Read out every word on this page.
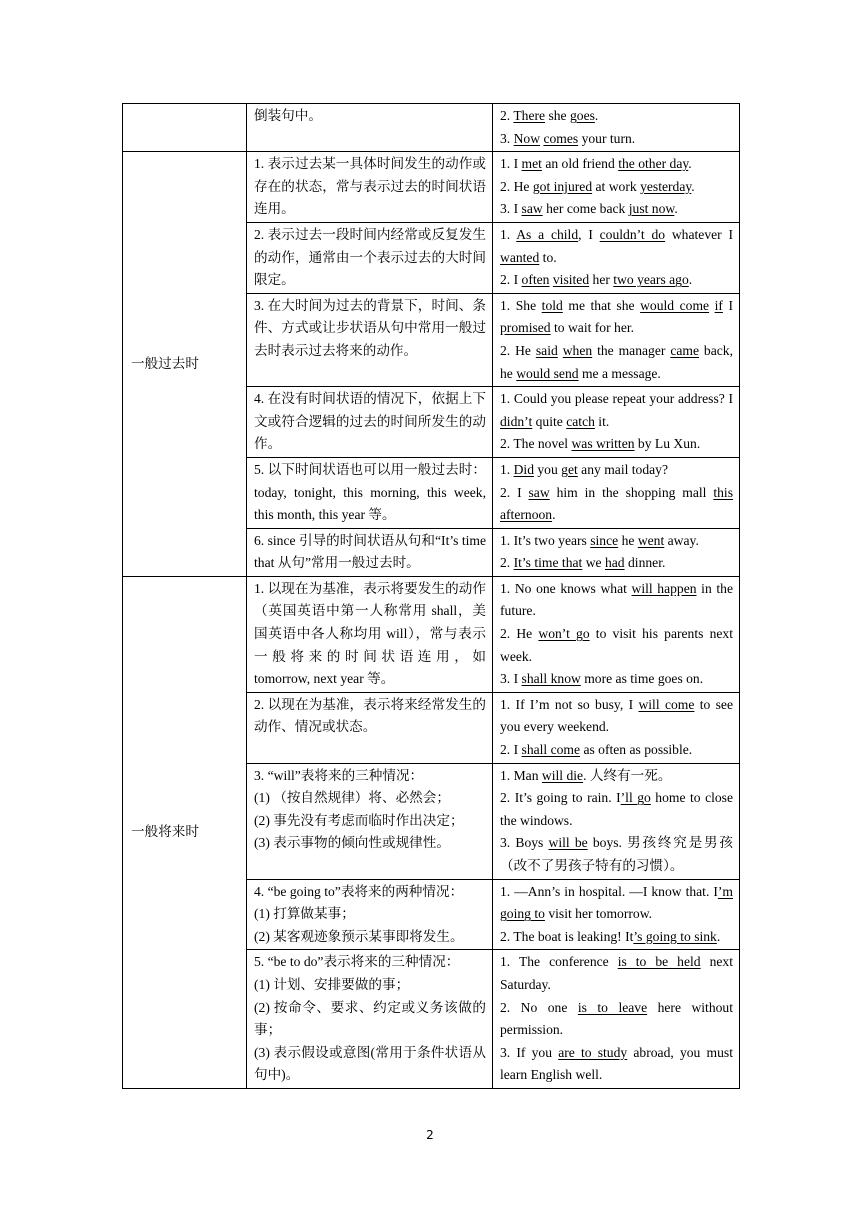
	倒装句中。	2. There she goes.
3. Now comes your turn.

一般过去时	1. 表示过去某一具体时间发生的动作或存在的状态，常与表示过去的时间状语连用。	1. I met an old friend the other day.
2. He got injured at work yesterday.
3. I saw her come back just now.

	2. 表示过去一段时间内经常或反复发生的动作，通常由一个表示过去的大时间限定。	1. As a child, I couldn’t do whatever I wanted to.
2. I often visited her two years ago.

	3. 在大时间为过去的背景下，时间、条件、方式或让步状语从句中常用一般过去时表示过去将来的动作。	1. She told me that she would come if I promised to wait for her.
2. He said when the manager came back, he would send me a message.

	4. 在没有时间状语的情况下，依据上下文或符合逻辑的过去的时间所发生的动作。	1. Could you please repeat your address? I didn’t quite catch it.
2. The novel was written by Lu Xun.

	5. 以下时间状语也可以用一般过去时：today, tonight, this morning, this week, this month, this year 等。	1. Did you get any mail today?
2. I saw him in the shopping mall this afternoon.

	6. since 引导的时间状语从句和“It’s time that 从句”常用一般过去时。	1. It’s two years since he went away.
2. It’s time that we had dinner.

一般将来时	1. 以现在为基准，表示将要发生的动作（英国英语中第一人称常用 shall，美国英语中各人称均用 will），常与表示一般将来的时间状语连用，如 tomorrow, next year 等。	1. No one knows what will happen in the future.
2. He won’t go to visit his parents next week.
3. I shall know more as time goes on.

	2. 以现在为基准，表示将来经常发生的动作、情况或状态。	1. If I’m not so busy, I will come to see you every weekend.
2. I shall come as often as possible.

	3. “will”表将来的三种情况：
(1) （按自然规律）将、必然会；
(2) 事先没有考虑而临时作出决定；
(3) 表示事物的倾向性或规律性。	1. Man will die. 人终有一死。
2. It’s going to rain. I’ll go home to close the windows.
3. Boys will be boys. 男孩终究是男孩（改不了男孩子特有的习惯）。

	4. “be going to”表将来的两种情况：
(1) 打算做某事；
(2) 某客观迹象预示某事即将发生。	1. —Ann’s in hospital. —I know that. I’m going to visit her tomorrow.
2. The boat is leaking! It’s going to sink.

	5. “be to do”表示将来的三种情况：
(1) 计划、安排要做的事；
(2) 按命令、要求、约定或义务该做的事；
(3) 表示假设或意图(常用于条件状语从句中)。	1. The conference is to be held next Saturday.
2. No one is to leave here without permission.
3. If you are to study abroad, you must learn English well.
2
